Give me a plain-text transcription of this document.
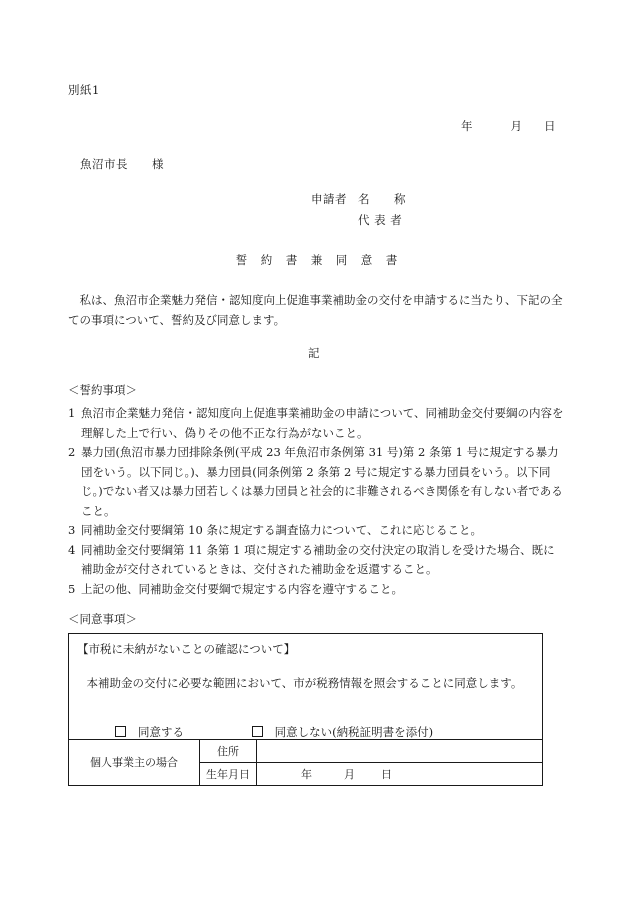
別紙1
年	月 日
魚沼市長　　様
申請者 名　　称
代 表 者
誓 約 書 兼 同 意 書
　私は、魚沼市企業魅力発信・認知度向上促進事業補助金の交付を申請するに当たり、下記の全ての事項について、誓約及び同意します。
記
＜誓約事項＞
1 魚沼市企業魅力発信・認知度向上促進事業補助金の申請について、同補助金交付要綱の内容を理解した上で行い、偽りその他不正な行為がないこと。
2 暴力団(魚沼市暴力団排除条例(平成 23 年魚沼市条例第 31 号)第 2 条第 1 号に規定する暴力団をいう。以下同じ。)、暴力団員(同条例第 2 条第 2 号に規定する暴力団員をいう。以下同じ。)でない者又は暴力団若しくは暴力団員と社会的に非難されるべき関係を有しない者であること。
3 同補助金交付要綱第 10 条に規定する調査協力について、これに応じること。
4 同補助金交付要綱第 11 条第 1 項に規定する補助金の交付決定の取消しを受けた場合、既に補助金が交付されているときは、交付された補助金を返還すること。
5 上記の他、同補助金交付要綱で規定する内容を遵守すること。
＜同意事項＞
【市税に未納がないことの確認について】
　本補助金の交付に必要な範囲において、市が税務情報を照会することに同意します。
同意する	同意しない(納税証明書を添付)
個人事業主の場合	住所	
	生年月日	年 月 日
